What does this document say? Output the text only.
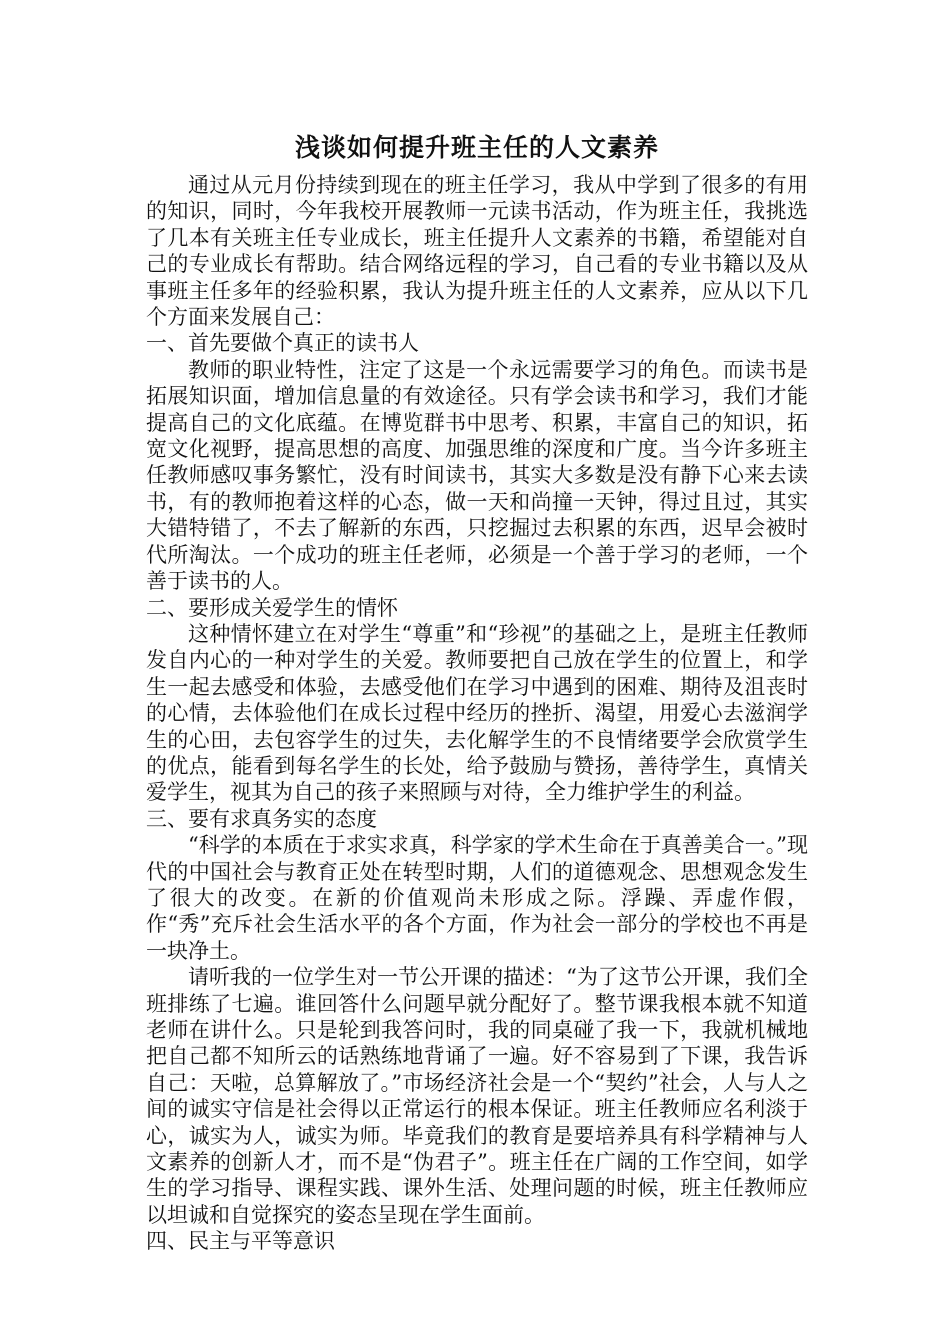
浅谈如何提升班主任的人文素养

通过从元月份持续到现在的班主任学习，我从中学到了很多的有用的知识，同时，今年我校开展教师一元读书活动，作为班主任，我挑选了几本有关班主任专业成长，班主任提升人文素养的书籍，希望能对自己的专业成长有帮助。结合网络远程的学习，自己看的专业书籍以及从事班主任多年的经验积累，我认为提升班主任的人文素养，应从以下几个方面来发展自己：

一、首先要做个真正的读书人

教师的职业特性，注定了这是一个永远需要学习的角色。而读书是拓展知识面，增加信息量的有效途径。只有学会读书和学习，我们才能提高自己的文化底蕴。在博览群书中思考、积累，丰富自己的知识，拓宽文化视野，提高思想的高度、加强思维的深度和广度。当今许多班主任教师感叹事务繁忙，没有时间读书，其实大多数是没有静下心来去读书，有的教师抱着这样的心态，做一天和尚撞一天钟，得过且过，其实大错特错了，不去了解新的东西，只挖掘过去积累的东西，迟早会被时代所淘汰。一个成功的班主任老师，必须是一个善于学习的老师，一个善于读书的人。

二、要形成关爱学生的情怀

这种情怀建立在对学生“尊重”和“珍视”的基础之上，是班主任教师发自内心的一种对学生的关爱。教师要把自己放在学生的位置上，和学生一起去感受和体验，去感受他们在学习中遇到的困难、期待及沮丧时的心情，去体验他们在成长过程中经历的挫折、渴望，用爱心去滋润学生的心田，去包容学生的过失，去化解学生的不良情绪要学会欣赏学生的优点，能看到每名学生的长处，给予鼓励与赞扬，善待学生，真情关爱学生，视其为自己的孩子来照顾与对待，全力维护学生的利益。

三、要有求真务实的态度

“科学的本质在于求实求真，科学家的学术生命在于真善美合一。”现代的中国社会与教育正处在转型时期，人们的道德观念、思想观念发生了很大的改变。在新的价值观尚未形成之际。浮躁、弄虚作假，作“秀”充斥社会生活水平的各个方面，作为社会一部分的学校也不再是一块净土。

请听我的一位学生对一节公开课的描述：“为了这节公开课，我们全班排练了七遍。谁回答什么问题早就分配好了。整节课我根本就不知道老师在讲什么。只是轮到我答问时，我的同桌碰了我一下，我就机械地把自己都不知所云的话熟练地背诵了一遍。好不容易到了下课，我告诉自己：天啦，总算解放了。”市场经济社会是一个“契约”社会，人与人之间的诚实守信是社会得以正常运行的根本保证。班主任教师应名利淡于心，诚实为人，诚实为师。毕竟我们的教育是要培养具有科学精神与人文素养的创新人才，而不是“伪君子”。班主任在广阔的工作空间，如学生的学习指导、课程实践、课外生活、处理问题的时候，班主任教师应以坦诚和自觉探究的姿态呈现在学生面前。

四、民主与平等意识
